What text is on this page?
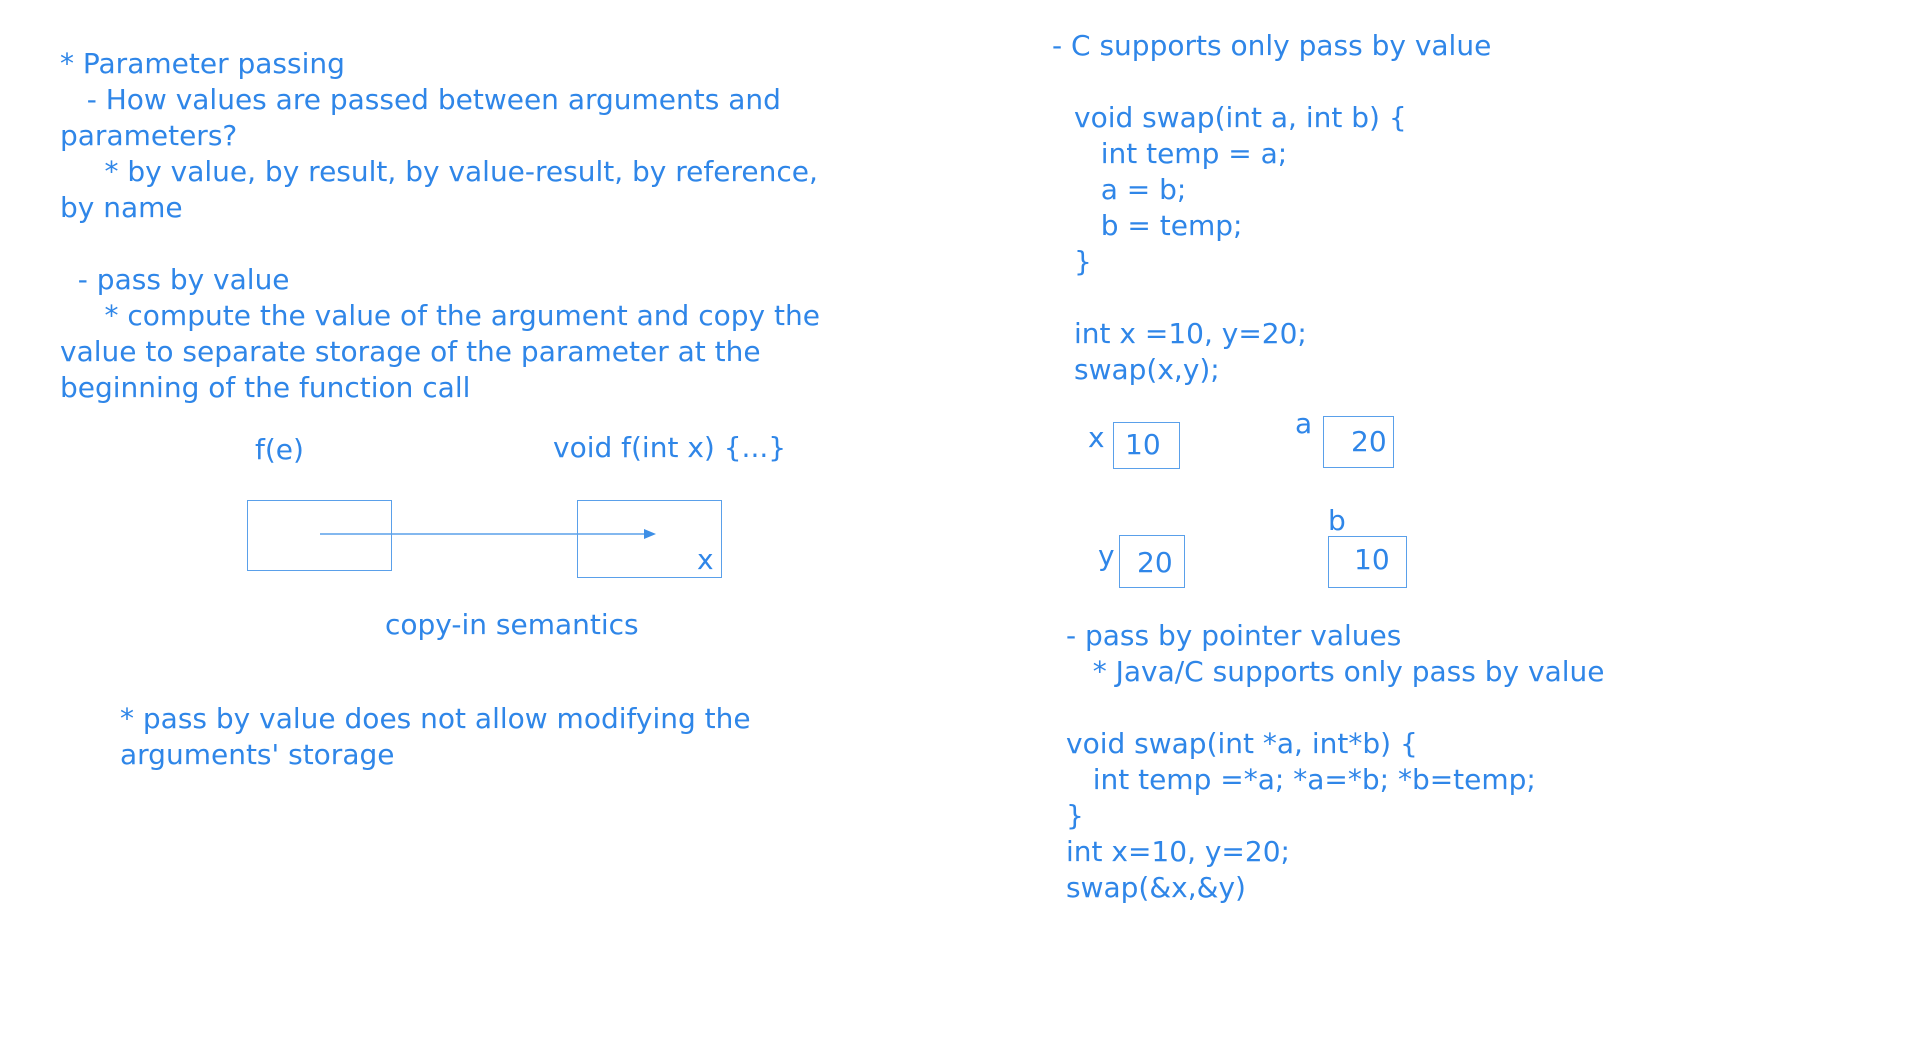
* Parameter passing

- How values are passed between arguments and

parameters?

* by value, by result, by value-result, by reference,

by name

- pass by value

* compute the value of the argument and copy the

value to separate storage of the parameter at the

beginning of the function call

f(e)	void f(int x) {...}
x
copy-in semantics

* pass by value does not allow modifying the

arguments' storage

- C supports only pass by value

void swap(int a, int b) {

int temp = a;

a = b;

b = temp;

}

int x =10, y=20;

swap(x,y);

x 10
a
20
y 20
b
10

- pass by pointer values

* Java/C supports only pass by value

void swap(int *a, int*b) {

int temp =*a; *a=*b; *b=temp;

}

int x=10, y=20;

swap(&x,&y)
